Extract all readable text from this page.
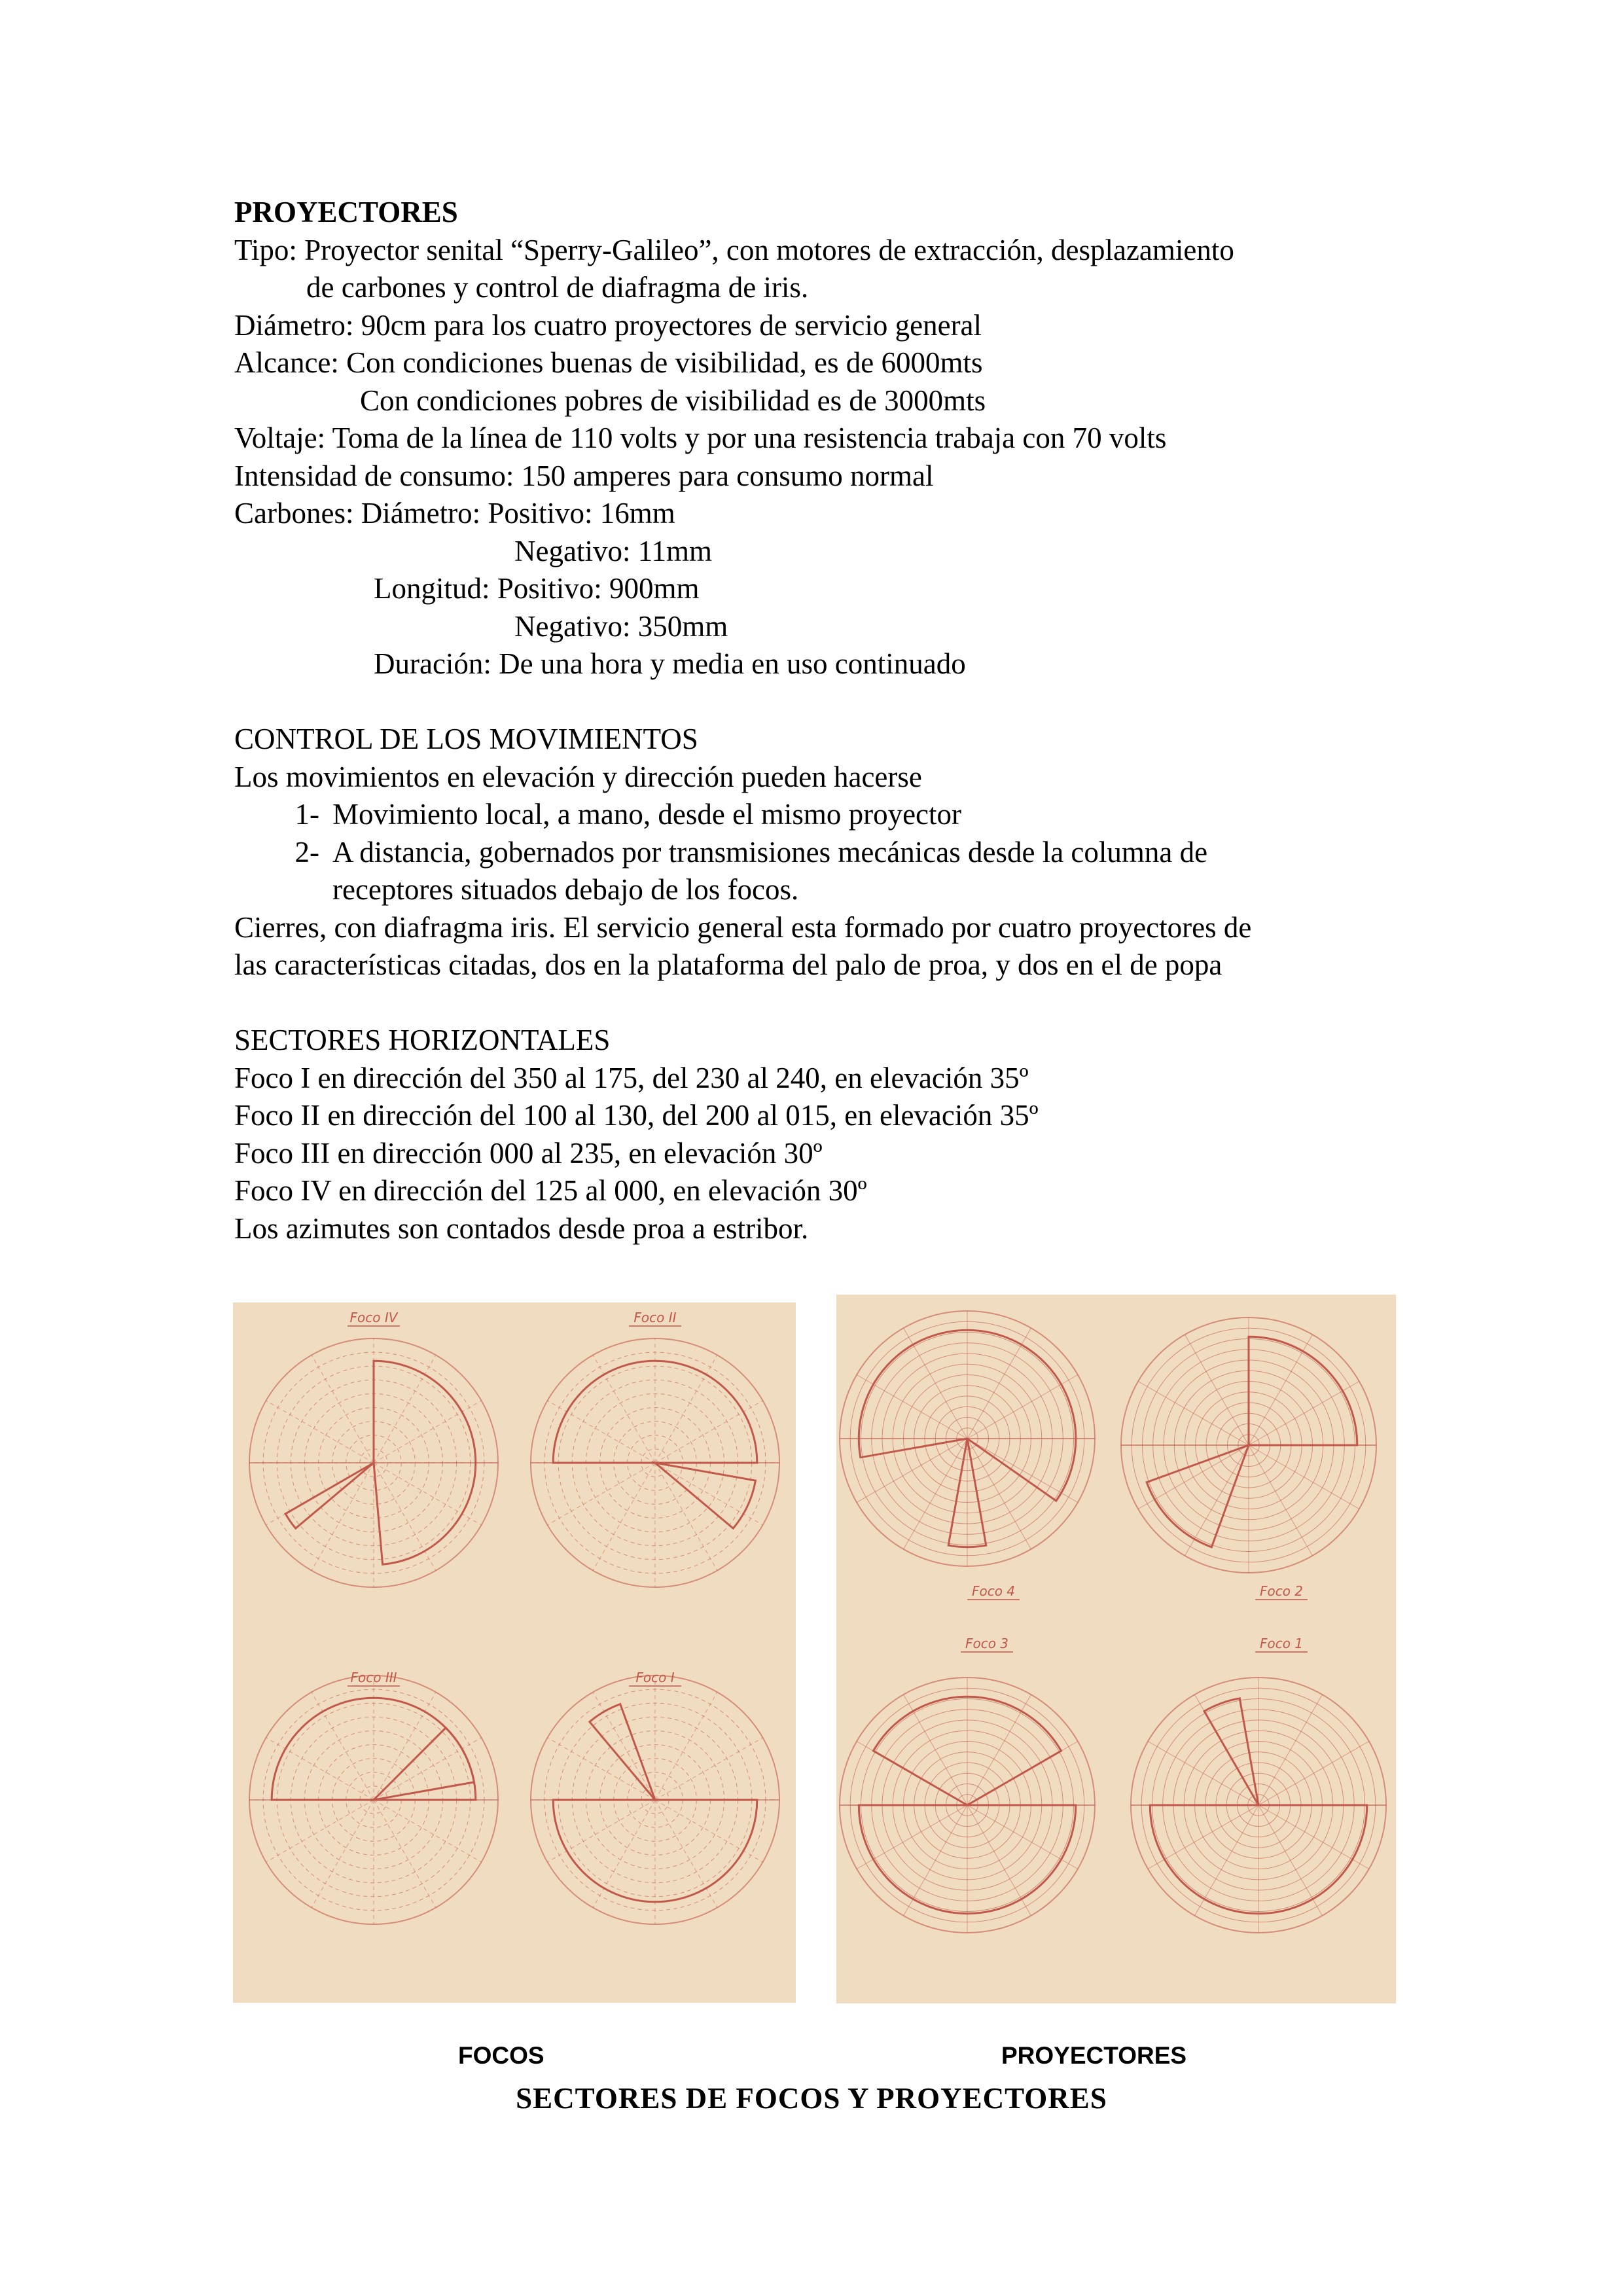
PROYECTORES
Tipo: Proyector senital “Sperry-Galileo”, con motores de extracción, desplazamiento
de carbones y control de diafragma de iris.
Diámetro: 90cm para los cuatro proyectores de servicio general
Alcance: Con condiciones buenas de visibilidad, es de 6000mts
Con condiciones pobres de visibilidad es de 3000mts
Voltaje: Toma de la línea de 110 volts y por una resistencia trabaja con 70 volts
Intensidad de consumo: 150 amperes para consumo normal
Carbones: Diámetro: Positivo: 16mm
Negativo: 11mm
Longitud: Positivo: 900mm
Negativo: 350mm
Duración: De una hora y media en uso continuado
CONTROL DE LOS MOVIMIENTOS
Los movimientos en elevación y dirección pueden hacerse
1- Movimiento local, a mano, desde el mismo proyector
2- A distancia, gobernados por transmisiones mecánicas desde la columna de
receptores situados debajo de los focos.
Cierres, con diafragma iris. El servicio general esta formado por cuatro proyectores de
las características citadas, dos en la plataforma del palo de proa, y dos en el de popa
SECTORES HORIZONTALES
Foco I en dirección del 350 al 175, del 230 al 240, en elevación 35º
Foco II en dirección del 100 al 130, del 200 al 015, en elevación 35º
Foco III en dirección 000 al 235, en elevación 30º
Foco IV en dirección del 125 al 000, en elevación 30º
Los azimutes son contados desde proa a estribor.
Foco IV	Foco II
Foco III	Foco I
Foco 4	Foco 2
Foco 3	Foco 1
FOCOS	PROYECTORES
SECTORES DE FOCOS Y PROYECTORES
